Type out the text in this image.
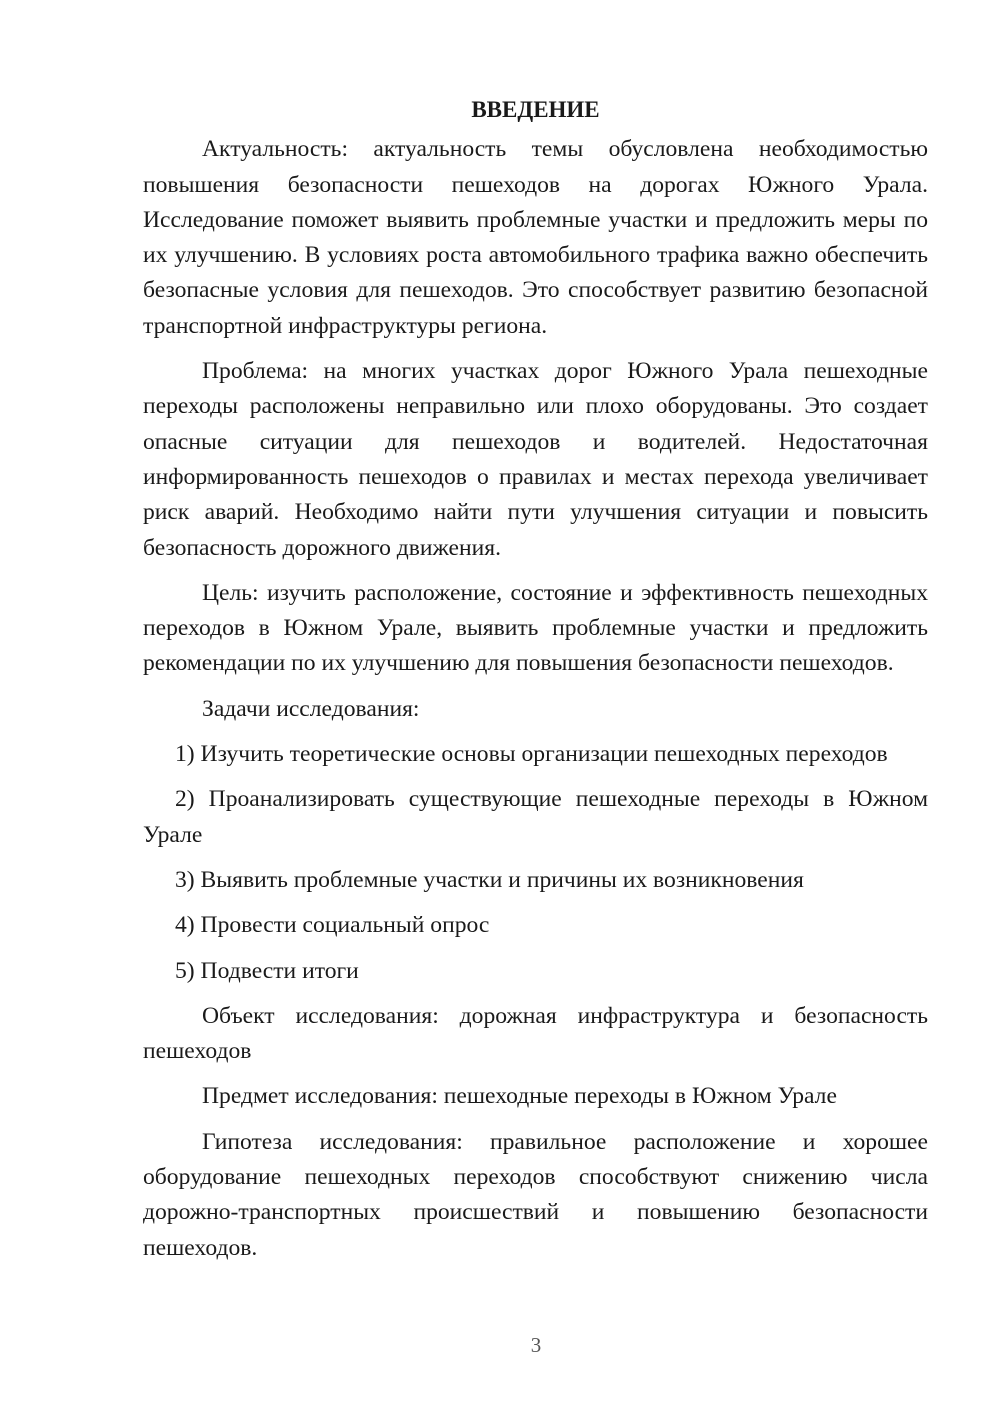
ВВЕДЕНИЕ

Актуальность: актуальность темы обусловлена необходимостью повышения безопасности пешеходов на дорогах Южного Урала. Исследование поможет выявить проблемные участки и предложить меры по их улучшению. В условиях роста автомобильного трафика важно обеспечить безопасные условия для пешеходов. Это способствует развитию безопасной транспортной инфраструктуры региона.

Проблема: на многих участках дорог Южного Урала пешеходные переходы расположены неправильно или плохо оборудованы. Это создает опасные ситуации для пешеходов и водителей. Недостаточная информированность пешеходов о правилах и местах перехода увеличивает риск аварий. Необходимо найти пути улучшения ситуации и повысить безопасность дорожного движения.

Цель: изучить расположение, состояние и эффективность пешеходных переходов в Южном Урале, выявить проблемные участки и предложить рекомендации по их улучшению для повышения безопасности пешеходов.

Задачи исследования:

1) Изучить теоретические основы организации пешеходных переходов

2) Проанализировать существующие пешеходные переходы в Южном Урале

3) Выявить проблемные участки и причины их возникновения

4) Провести социальный опрос

5) Подвести итоги

Объект исследования: дорожная инфраструктура и безопасность пешеходов

Предмет исследования: пешеходные переходы в Южном Урале

Гипотеза исследования: правильное расположение и хорошее оборудование пешеходных переходов способствуют снижению числа дорожно-транспортных происшествий и повышению безопасности пешеходов.

3
